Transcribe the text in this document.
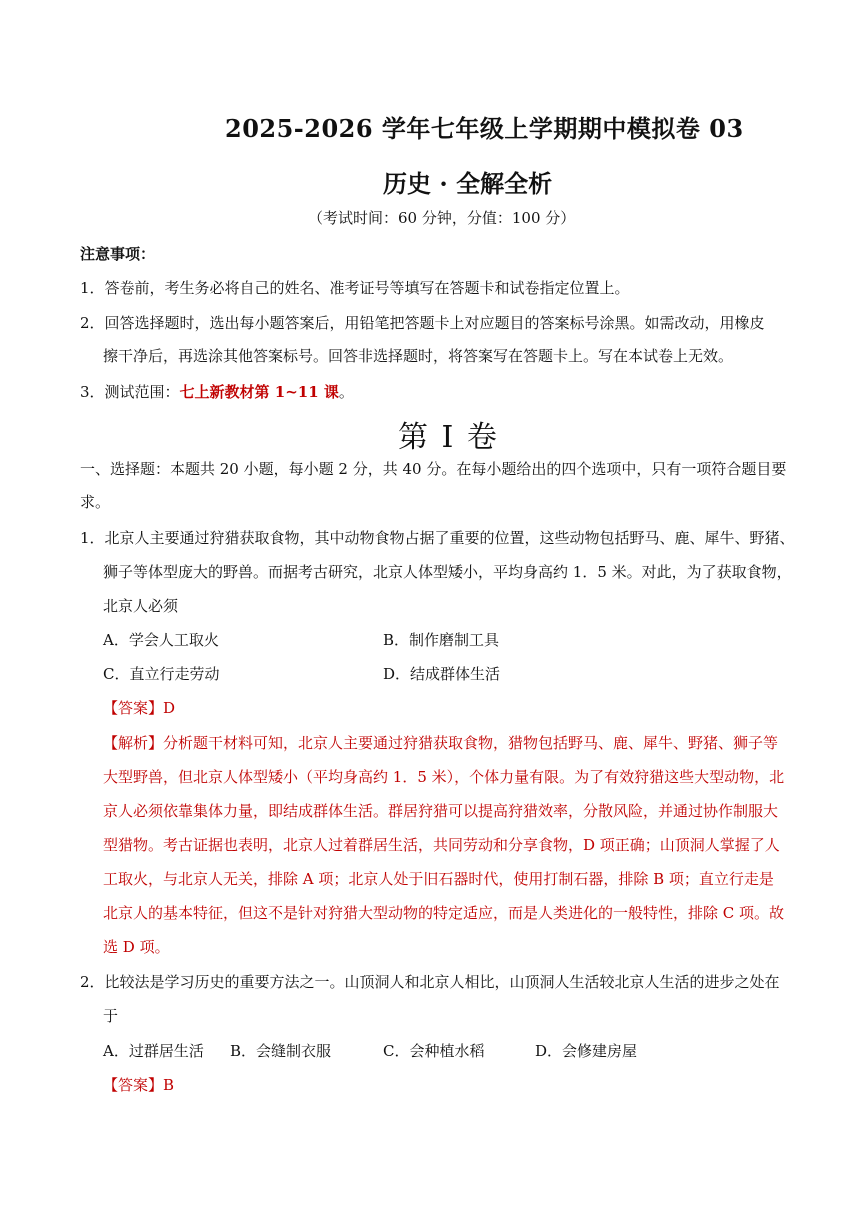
2025-2026 学年七年级上学期期中模拟卷 03
历史 · 全解全析
（考试时间：60 分钟，分值：100 分）
注意事项：
1．答卷前，考生务必将自己的姓名、准考证号等填写在答题卡和试卷指定位置上。
2．回答选择题时，选出每小题答案后，用铅笔把答题卡上对应题目的答案标号涂黑。如需改动，用橡皮
擦干净后，再选涂其他答案标号。回答非选择题时，将答案写在答题卡上。写在本试卷上无效。
3．测试范围：七上新教材第 1~11 课。
第 I 卷
一、选择题：本题共 20 小题，每小题 2 分，共 40 分。在每小题给出的四个选项中，只有一项符合题目要
求。
1．北京人主要通过狩猎获取食物，其中动物食物占据了重要的位置，这些动物包括野马、鹿、犀牛、野猪、
狮子等体型庞大的野兽。而据考古研究，北京人体型矮小，平均身高约 1．5 米。对此，为了获取食物，
北京人必须
A．学会人工取火	B．制作磨制工具
C．直立行走劳动	D．结成群体生活
【答案】D
【解析】分析题干材料可知，北京人主要通过狩猎获取食物，猎物包括野马、鹿、犀牛、野猪、狮子等
大型野兽，但北京人体型矮小（平均身高约 1．5 米），个体力量有限。为了有效狩猎这些大型动物，北
京人必须依靠集体力量，即结成群体生活。群居狩猎可以提高狩猎效率，分散风险，并通过协作制服大
型猎物。考古证据也表明，北京人过着群居生活，共同劳动和分享食物，D 项正确；山顶洞人掌握了人
工取火，与北京人无关，排除 A 项；北京人处于旧石器时代，使用打制石器，排除 B 项；直立行走是
北京人的基本特征，但这不是针对狩猎大型动物的特定适应，而是人类进化的一般特性，排除 C 项。故
选 D 项。
2．比较法是学习历史的重要方法之一。山顶洞人和北京人相比，山顶洞人生活较北京人生活的进步之处在
于
A．过群居生活 B．会缝制衣服	C．会种植水稻	D．会修建房屋
【答案】B
